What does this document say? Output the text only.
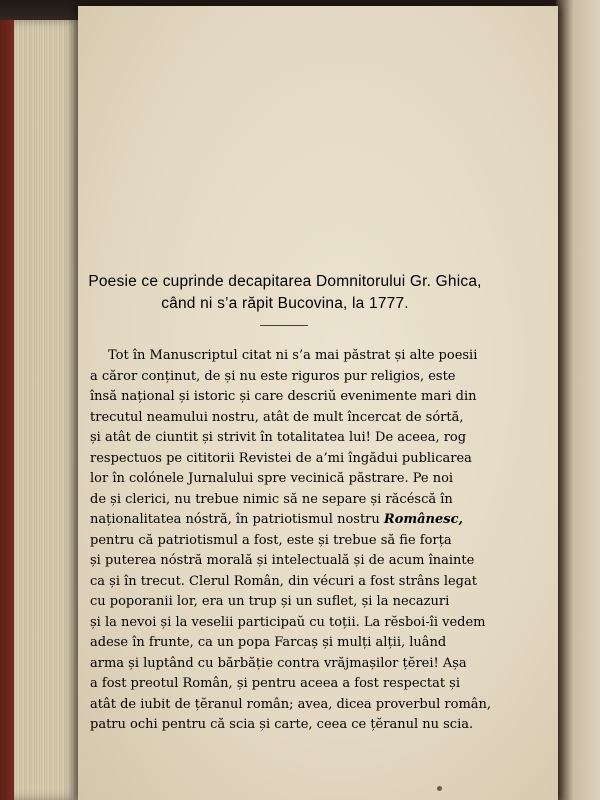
Poesie ce cuprinde decapitarea Domnitorului Gr. Ghica,
când ni s’a răpit Bucovina, la 1777.
Tot în Manuscriptul citat ni s’a mai păstrat și alte poesii
a căror conținut, de și nu este riguros pur religios, este
însă național și istoric și care descriŭ evenimente mari din
trecutul neamului nostru, atât de mult încercat de sórtă,
și atât de ciuntit și strivit în totalitatea lui! De aceea, rog
respectuos pe cititorii Revistei de a’mi îngădui publicarea
lor în colónele Jurnalului spre vecinică păstrare. Pe noi
de și clerici, nu trebue nimic să ne separe și răcéscă în
naționalitatea nóstră, în patriotismul nostru Românesc,
pentru că patriotismul a fost, este și trebue să fie forța
și puterea nóstră morală și intelectuală și de acum înainte
ca și în trecut. Clerul Român, din vécuri a fost strâns legat
cu poporanii lor, era un trup și un suflet, și la necazuri
și la nevoi și la veselii participaŭ cu toții. La rĕsboi-îi vedem
adese în frunte, ca un popa Farcaș și mulți alții, luând
arma și luptând cu bărbăție contra vrăjmașilor țĕrei! Așa
a fost preotul Român, și pentru aceea a fost respectat și
atât de iubit de țĕranul român; avea, dicea proverbul român,
patru ochi pentru că scia și carte, ceea ce țĕranul nu scia.
